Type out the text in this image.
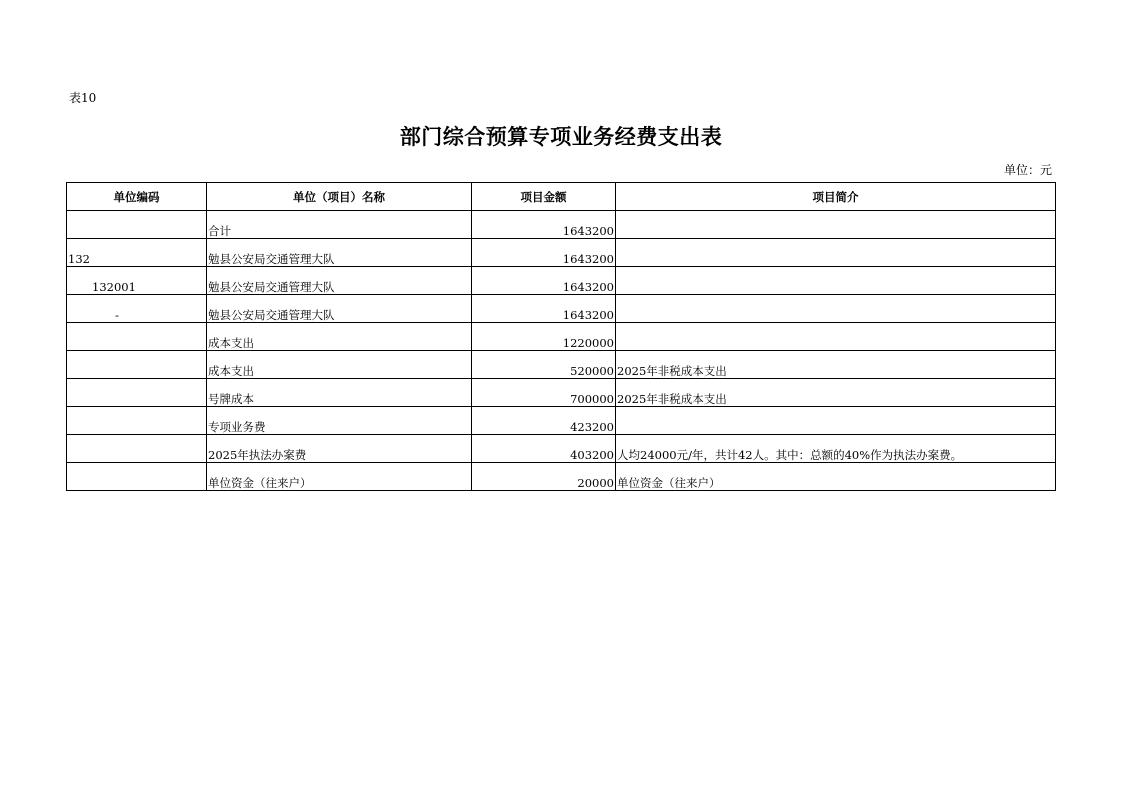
表10
部门综合预算专项业务经费支出表
单位：元
单位编码	单位（项目）名称	项目金额	项目简介
	合计	1643200	
132	勉县公安局交通管理大队	1643200	
132001	勉县公安局交通管理大队	1643200	
-	勉县公安局交通管理大队	1643200	
	成本支出	1220000	
	成本支出	520000	2025年非税成本支出
	号牌成本	700000	2025年非税成本支出
	专项业务费	423200	
	2025年执法办案费	403200	人均24000元/年，共计42人。其中：总额的40%作为执法办案费。
	单位资金（往来户）	20000	单位资金（往来户）
